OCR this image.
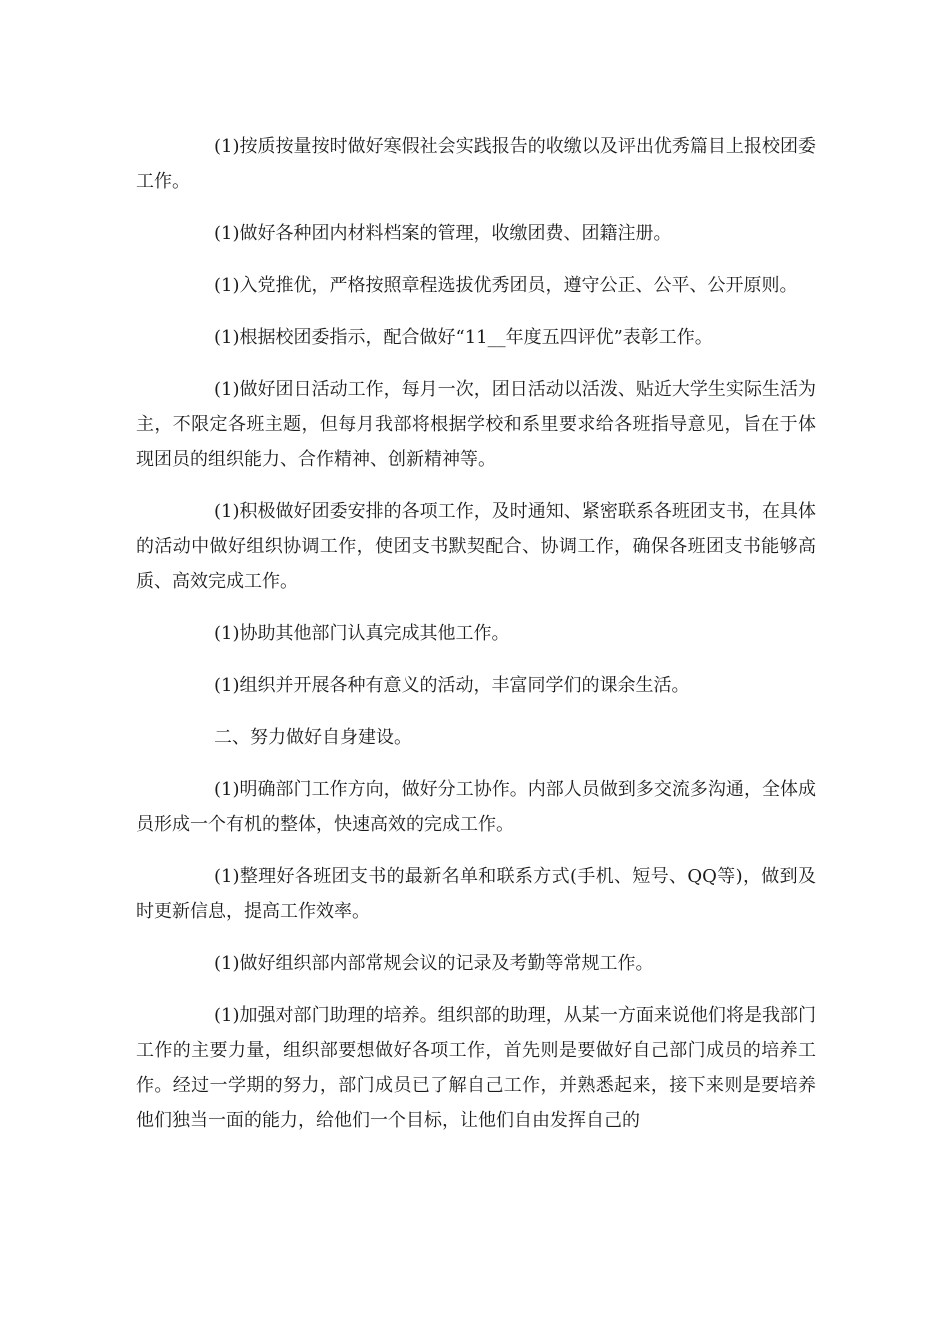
(1)按质按量按时做好寒假社会实践报告的收缴以及评出优秀篇目上报校团委工作。

(1)做好各种团内材料档案的管理，收缴团费、团籍注册。

(1)入党推优，严格按照章程选拔优秀团员，遵守公正、公平、公开原则。

(1)根据校团委指示，配合做好“11__年度五四评优”表彰工作。

(1)做好团日活动工作，每月一次，团日活动以活泼、贴近大学生实际生活为主，不限定各班主题，但每月我部将根据学校和系里要求给各班指导意见，旨在于体现团员的组织能力、合作精神、创新精神等。

(1)积极做好团委安排的各项工作，及时通知、紧密联系各班团支书，在具体的活动中做好组织协调工作，使团支书默契配合、协调工作，确保各班团支书能够高质、高效完成工作。

(1)协助其他部门认真完成其他工作。

(1)组织并开展各种有意义的活动，丰富同学们的课余生活。

二、努力做好自身建设。

(1)明确部门工作方向，做好分工协作。内部人员做到多交流多沟通，全体成员形成一个有机的整体，快速高效的完成工作。

(1)整理好各班团支书的最新名单和联系方式(手机、短号、QQ等)，做到及时更新信息，提高工作效率。

(1)做好组织部内部常规会议的记录及考勤等常规工作。

(1)加强对部门助理的培养。组织部的助理，从某一方面来说他们将是我部门工作的主要力量，组织部要想做好各项工作，首先则是要做好自己部门成员的培养工作。经过一学期的努力，部门成员已了解自己工作，并熟悉起来，接下来则是要培养他们独当一面的能力，给他们一个目标，让他们自由发挥自己的
